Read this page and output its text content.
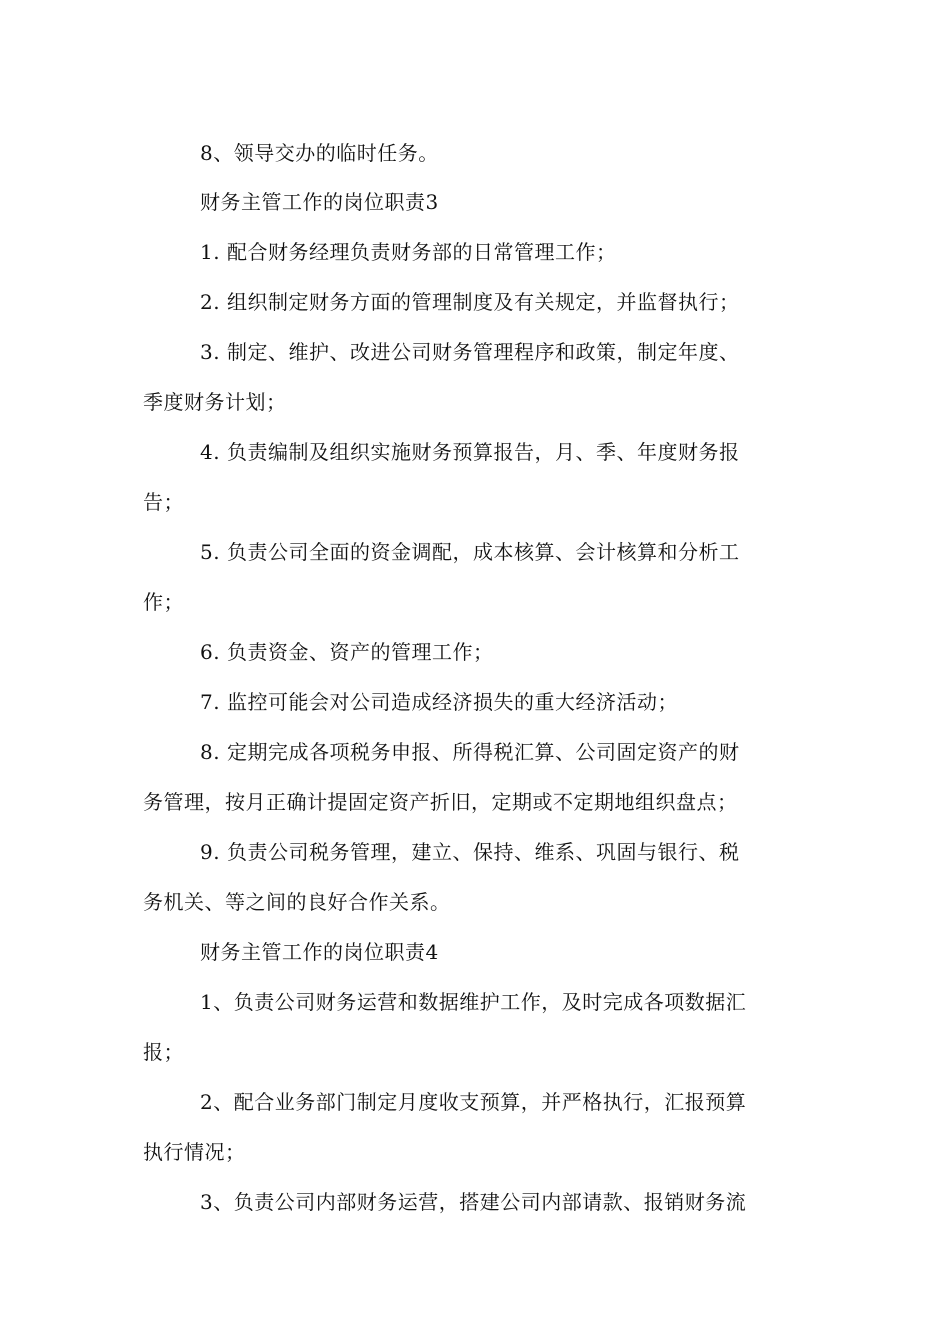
8、领导交办的临时任务。
财务主管工作的岗位职责3
1. 配合财务经理负责财务部的日常管理工作；
2. 组织制定财务方面的管理制度及有关规定，并监督执行；
3. 制定、维护、改进公司财务管理程序和政策，制定年度、
季度财务计划；
4. 负责编制及组织实施财务预算报告，月、季、年度财务报
告；
5. 负责公司全面的资金调配，成本核算、会计核算和分析工
作；
6. 负责资金、资产的管理工作；
7. 监控可能会对公司造成经济损失的重大经济活动；
8. 定期完成各项税务申报、所得税汇算、公司固定资产的财
务管理，按月正确计提固定资产折旧，定期或不定期地组织盘点；
9. 负责公司税务管理，建立、保持、维系、巩固与银行、税
务机关、等之间的良好合作关系。
财务主管工作的岗位职责4
1、负责公司财务运营和数据维护工作，及时完成各项数据汇
报；
2、配合业务部门制定月度收支预算，并严格执行，汇报预算
执行情况；
3、负责公司内部财务运营，搭建公司内部请款、报销财务流
